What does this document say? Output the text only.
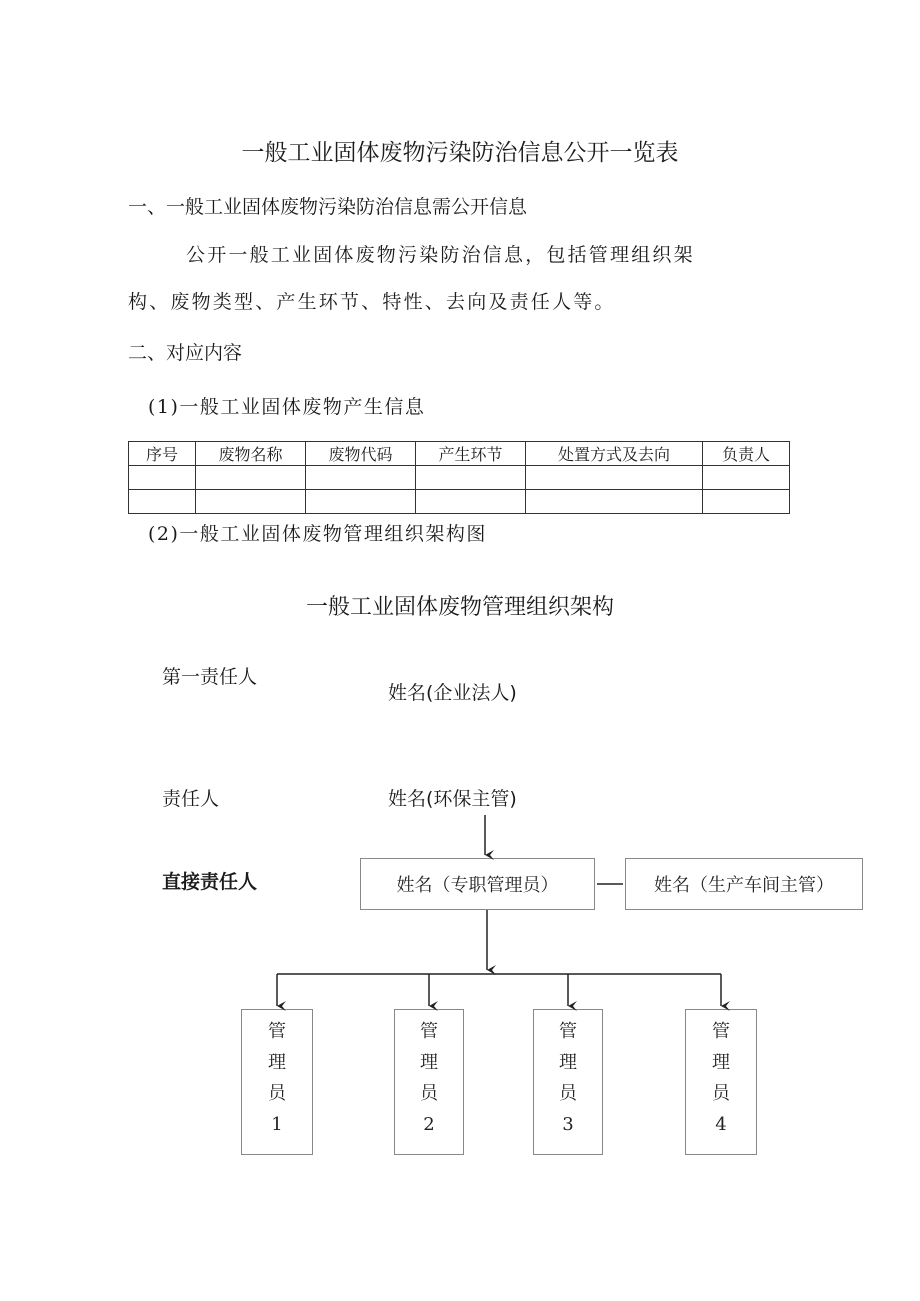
一般工业固体废物污染防治信息公开一览表
一、一般工业固体废物污染防治信息需公开信息
公开一般工业固体废物污染防治信息，包括管理组织架
构、废物类型、产生环节、特性、去向及责任人等。
二、对应内容
(1)一般工业固体废物产生信息
序号	废物名称	废物代码	产生环节	处置方式及去向	负责人

(2)一般工业固体废物管理组织架构图
一般工业固体废物管理组织架构
第一责任人
责任人
直接责任人
姓名(企业法人)
姓名(环保主管)
姓名（专职管理员）	姓名（生产车间主管）
管
理
员
1
管
理
员
2
管
理
员
3
管
理
员
4
